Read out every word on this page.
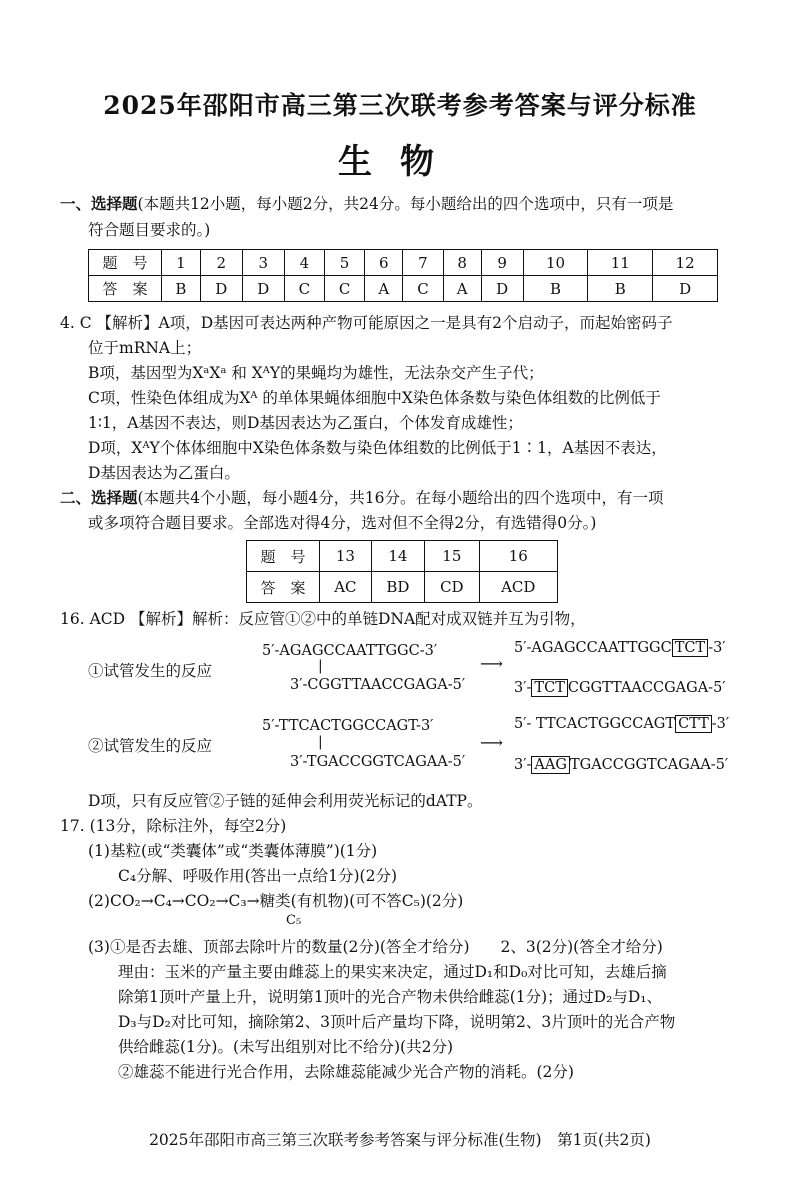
2025年邵阳市高三第三次联考参考答案与评分标准
生物
一、选择题(本题共12小题，每小题2分，共24分。每小题给出的四个选项中，只有一项是
符合题目要求的。)
题　号	1	2	3	4	5	6	7	8	9	10	11	12
答　案	B	D	D	C	C	A	C	A	D	B	B	D
4. C 【解析】A项，D基因可表达两种产物可能原因之一是具有2个启动子，而起始密码子
位于mRNA上；
B项，基因型为XᵃXᵃ 和 XᴬY的果蝇均为雄性，无法杂交产生子代；
C项，性染色体组成为Xᴬ 的单体果蝇体细胞中X染色体条数与染色体组数的比例低于
1∶1，A基因不表达，则D基因表达为乙蛋白，个体发育成雄性；
D项，XᴬY个体体细胞中X染色体条数与染色体组数的比例低于1∶1，A基因不表达，
D基因表达为乙蛋白。
二、选择题(本题共4个小题，每小题4分，共16分。在每小题给出的四个选项中，有一项
或多项符合题目要求。全部选对得4分，选对但不全得2分，有选错得0分。)
题　号	13	14	15	16
答　案	AC	BD	CD	ACD
16. ACD 【解析】解析：反应管①②中的单链DNA配对成双链并互为引物，
①试管发生的反应
5′-AGAGCCAATTGGC-3′
|
3′-CGGTTAACCGAGA-5′
⟶
5′-AGAGCCAATTGGC TCT -3′
3′- TCT CGGTTAACCGAGA-5′
②试管发生的反应
5′-TTCACTGGCCAGT-3′
|
3′-TGACCGGTCAGAA-5′
⟶
5′- TTCACTGGCCAGT CTT -3′
3′- AAG TGACCGGTCAGAA-5′
D项，只有反应管②子链的延伸会利用荧光标记的dATP。
17. (13分，除标注外，每空2分)
(1)基粒(或“类囊体”或“类囊体薄膜”)(1分)
C₄分解、呼吸作用(答出一点给1分)(2分)
(2)CO₂→C₄→CO₂→C₃→糖类(有机物)(可不答C₅)(2分)
C₅
(3)①是否去雄、顶部去除叶片的数量(2分)(答全才给分)　　2、3(2分)(答全才给分)
理由：玉米的产量主要由雌蕊上的果实来决定，通过D₁和D₀对比可知，去雄后摘
除第1顶叶产量上升，说明第1顶叶的光合产物未供给雌蕊(1分)；通过D₂与D₁、
D₃与D₂对比可知，摘除第2、3顶叶后产量均下降，说明第2、3片顶叶的光合产物
供给雌蕊(1分)。(未写出组别对比不给分)(共2分)
②雄蕊不能进行光合作用，去除雄蕊能减少光合产物的消耗。(2分)
2025年邵阳市高三第三次联考参考答案与评分标准(生物)　第1页(共2页)
